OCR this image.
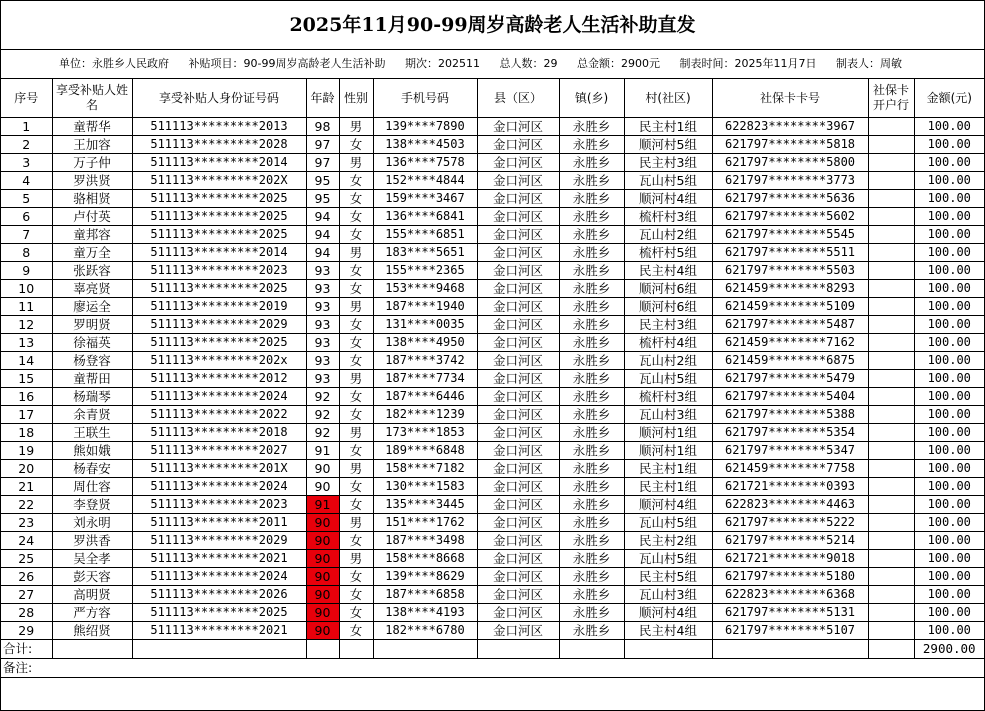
2025年11月90-99周岁高龄老人生活补助直发
单位：永胜乡人民政府 补贴项目：90-99周岁高龄老人生活补助 期次：202511 总人数：29 总金额：2900元 制表时间：2025年11月7日 制表人：周敏
序号	享受补贴人姓名	享受补贴人身份证号码	年龄	性别	手机号码	县（区）	镇(乡)	村(社区)	社保卡卡号	社保卡开户行	金额(元)
1	童帮华	511113*********2013	98	男	139****7890	金口河区	永胜乡	民主村1组	622823********3967		100.00
2	王加容	511113*********2028	97	女	138****4503	金口河区	永胜乡	顺河村5组	621797********5818		100.00
3	万子仲	511113*********2014	97	男	136****7578	金口河区	永胜乡	民主村3组	621797********5800		100.00
4	罗洪贤	511113*********202X	95	女	152****4844	金口河区	永胜乡	瓦山村5组	621797********3773		100.00
5	骆相贤	511113*********2025	95	女	159****3467	金口河区	永胜乡	顺河村4组	621797********5636		100.00
6	卢付英	511113*********2025	94	女	136****6841	金口河区	永胜乡	梳杆村3组	621797********5602		100.00
7	童邦容	511113*********2025	94	女	155****6851	金口河区	永胜乡	瓦山村2组	621797********5545		100.00
8	童万全	511113*********2014	94	男	183****5651	金口河区	永胜乡	梳杆村5组	621797********5511		100.00
9	张跃容	511113*********2023	93	女	155****2365	金口河区	永胜乡	民主村4组	621797********5503		100.00
10	辜亮贤	511113*********2025	93	女	153****9468	金口河区	永胜乡	顺河村6组	621459********8293		100.00
11	廖运全	511113*********2019	93	男	187****1940	金口河区	永胜乡	顺河村6组	621459********5109		100.00
12	罗明贤	511113*********2029	93	女	131****0035	金口河区	永胜乡	民主村3组	621797********5487		100.00
13	徐福英	511113*********2025	93	女	138****4950	金口河区	永胜乡	梳杆村4组	621459********7162		100.00
14	杨登容	511113*********202x	93	女	187****3742	金口河区	永胜乡	瓦山村2组	621459********6875		100.00
15	童帮田	511113*********2012	93	男	187****7734	金口河区	永胜乡	瓦山村5组	621797********5479		100.00
16	杨瑞琴	511113*********2024	92	女	187****6446	金口河区	永胜乡	梳杆村3组	621797********5404		100.00
17	余青贤	511113*********2022	92	女	182****1239	金口河区	永胜乡	瓦山村3组	621797********5388		100.00
18	王联生	511113*********2018	92	男	173****1853	金口河区	永胜乡	顺河村1组	621797********5354		100.00
19	熊如娥	511113*********2027	91	女	189****6848	金口河区	永胜乡	顺河村1组	621797********5347		100.00
20	杨春安	511113*********201X	90	男	158****7182	金口河区	永胜乡	民主村1组	621459********7758		100.00
21	周仕容	511113*********2024	90	女	130****1583	金口河区	永胜乡	民主村1组	621721********0393		100.00
22	李登贤	511113*********2023	91	女	135****3445	金口河区	永胜乡	顺河村4组	622823********4463		100.00
23	刘永明	511113*********2011	90	男	151****1762	金口河区	永胜乡	瓦山村5组	621797********5222		100.00
24	罗洪香	511113*********2029	90	女	187****3498	金口河区	永胜乡	民主村2组	621797********5214		100.00
25	吴全孝	511113*********2021	90	男	158****8668	金口河区	永胜乡	瓦山村5组	621721********9018		100.00
26	彭天容	511113*********2024	90	女	139****8629	金口河区	永胜乡	民主村5组	621797********5180		100.00
27	高明贤	511113*********2026	90	女	187****6858	金口河区	永胜乡	瓦山村3组	622823********6368		100.00
28	严方容	511113*********2025	90	女	138****4193	金口河区	永胜乡	顺河村4组	621797********5131		100.00
29	熊绍贤	511113*********2021	90	女	182****6780	金口河区	永胜乡	民主村4组	621797********5107		100.00
合计:											2900.00
备注:											
